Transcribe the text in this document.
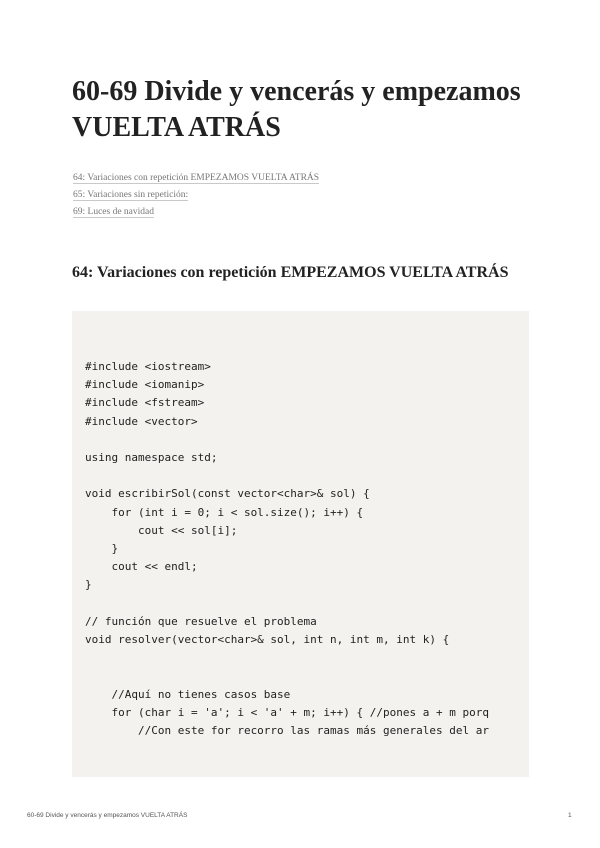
60-69 Divide y vencerás y empezamos VUELTA ATRÁS
64: Variaciones con repetición EMPEZAMOS VUELTA ATRÁS
65: Variaciones sin repetición:
69: Luces de navidad
64: Variaciones con repetición EMPEZAMOS VUELTA ATRÁS
#include <iostream>
#include <iomanip>
#include <fstream>
#include <vector>

using namespace std;

void escribirSol(const vector<char>& sol) {
for (int i = 0; i < sol.size(); i++) {
cout << sol[i];
}
cout << endl;
}

// función que resuelve el problema
void resolver(vector<char>& sol, int n, int m, int k) {

//Aquí no tienes casos base
for (char i = 'a'; i < 'a' + m; i++) { //pones a + m porq
//Con este for recorro las ramas más generales del ar
60-69 Divide y vencerás y empezamos VUELTA ATRÁS	1
